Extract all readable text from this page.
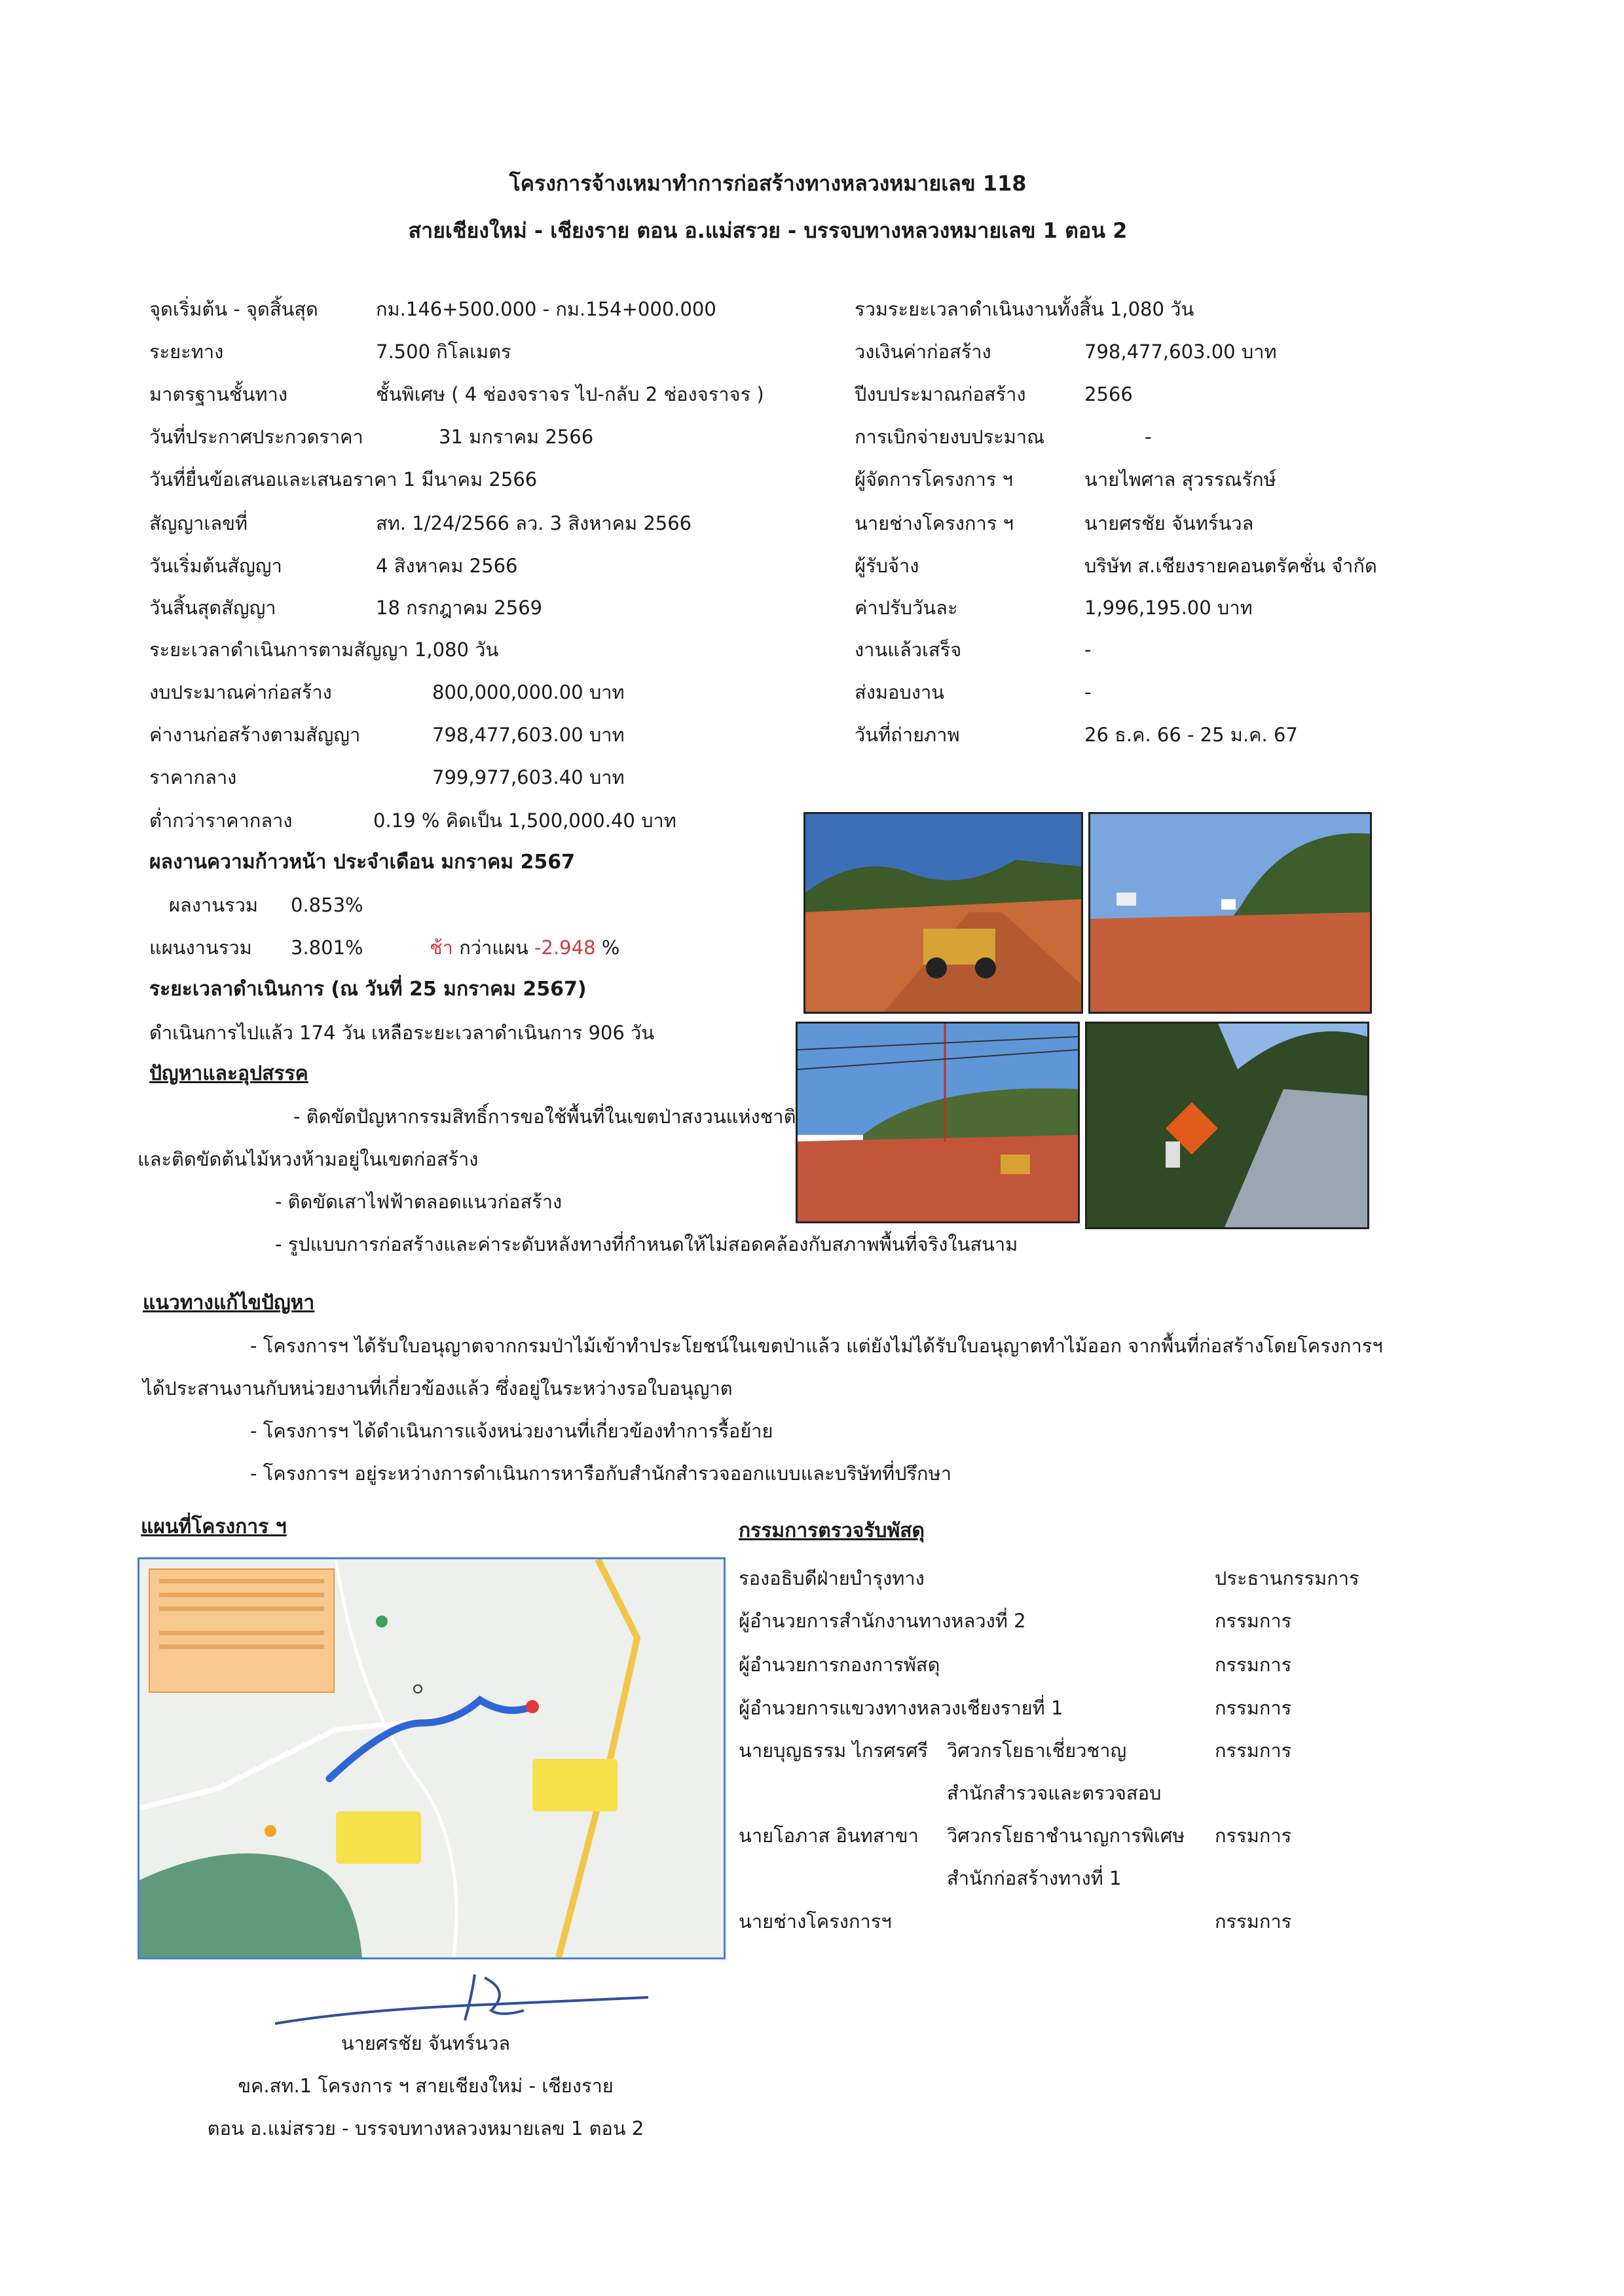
โครงการจ้างเหมาทำการก่อสร้างทางหลวงหมายเลข 118
สายเชียงใหม่ - เชียงราย ตอน อ.แม่สรวย - บรรจบทางหลวงหมายเลข 1 ตอน 2
จุดเริ่มต้น - จุดสิ้นสุด	กม.146+500.000 - กม.154+000.000
ระยะทาง	7.500 กิโลเมตร
มาตรฐานชั้นทาง	ชั้นพิเศษ ( 4 ช่องจราจร ไป-กลับ 2 ช่องจราจร )
วันที่ประกาศประกวดราคา	31 มกราคม 2566
วันที่ยื่นข้อเสนอและเสนอราคา 1 มีนาคม 2566
สัญญาเลขที่	สท. 1/24/2566 ลว. 3 สิงหาคม 2566
วันเริ่มต้นสัญญา	4 สิงหาคม 2566
วันสิ้นสุดสัญญา	18 กรกฎาคม 2569
ระยะเวลาดำเนินการตามสัญญา 1,080 วัน
งบประมาณค่าก่อสร้าง	800,000,000.00 บาท
ค่างานก่อสร้างตามสัญญา	798,477,603.00 บาท
ราคากลาง	799,977,603.40 บาท
ต่ำกว่าราคากลาง	0.19 % คิดเป็น 1,500,000.40 บาท
รวมระยะเวลาดำเนินงานทั้งสิ้น 1,080 วัน
วงเงินค่าก่อสร้าง	798,477,603.00 บาท
ปีงบประมาณก่อสร้าง	2566
การเบิกจ่ายงบประมาณ	-
ผู้จัดการโครงการ ฯ	นายไพศาล สุวรรณรักษ์
นายช่างโครงการ ฯ	นายศรชัย จันทร์นวล
ผู้รับจ้าง	บริษัท ส.เชียงรายคอนตรัคชั่น จำกัด
ค่าปรับวันละ	1,996,195.00 บาท
งานแล้วเสร็จ	-
ส่งมอบงาน	-
วันที่ถ่ายภาพ	26 ธ.ค. 66 - 25 ม.ค. 67
ผลงานความก้าวหน้า ประจำเดือน มกราคม 2567
ผลงานรวม 0.853%
แผนงานรวม 3.801%	ช้า กว่าแผน -2.948 %
ระยะเวลาดำเนินการ (ณ วันที่ 25 มกราคม 2567)
ดำเนินการไปแล้ว 174 วัน เหลือระยะเวลาดำเนินการ 906 วัน
ปัญหาและอุปสรรค
- ติดขัดปัญหากรรมสิทธิ์การขอใช้พื้นที่ในเขตป่าสงวนแห่งชาติ
และติดขัดต้นไม้หวงห้ามอยู่ในเขตก่อสร้าง
- ติดขัดเสาไฟฟ้าตลอดแนวก่อสร้าง
- รูปแบบการก่อสร้างและค่าระดับหลังทางที่กำหนดให้ไม่สอดคล้องกับสภาพพื้นที่จริงในสนาม
แนวทางแก้ไขปัญหา
- โครงการฯ ได้รับใบอนุญาตจากกรมป่าไม้เข้าทำประโยชน์ในเขตป่าแล้ว แต่ยังไม่ได้รับใบอนุญาตทำไม้ออก จากพื้นที่ก่อสร้างโดยโครงการฯ
ได้ประสานงานกับหน่วยงานที่เกี่ยวข้องแล้ว ซึ่งอยู่ในระหว่างรอใบอนุญาต
- โครงการฯ ได้ดำเนินการแจ้งหน่วยงานที่เกี่ยวข้องทำการรื้อย้าย
- โครงการฯ อยู่ระหว่างการดำเนินการหารือกับสำนักสำรวจออกแบบและบริษัทที่ปรึกษา
แผนที่โครงการ ฯ	กรรมการตรวจรับพัสดุ
รองอธิบดีฝ่ายบำรุงทาง	ประธานกรรมการ
ผู้อำนวยการสำนักงานทางหลวงที่ 2	กรรมการ
ผู้อำนวยการกองการพัสดุ	กรรมการ
ผู้อำนวยการแขวงทางหลวงเชียงรายที่ 1	กรรมการ
นายบุญธรรม ไกรศรศรี วิศวกรโยธาเชี่ยวชาญ	กรรมการ
สำนักสำรวจและตรวจสอบ
นายโอภาส อินทสาขา วิศวกรโยธาชำนาญการพิเศษ กรรมการ
สำนักก่อสร้างทางที่ 1
นายช่างโครงการฯ	กรรมการ
นายศรชัย จันทร์นวล
ขค.สท.1 โครงการ ฯ สายเชียงใหม่ - เชียงราย
ตอน อ.แม่สรวย - บรรจบทางหลวงหมายเลข 1 ตอน 2
